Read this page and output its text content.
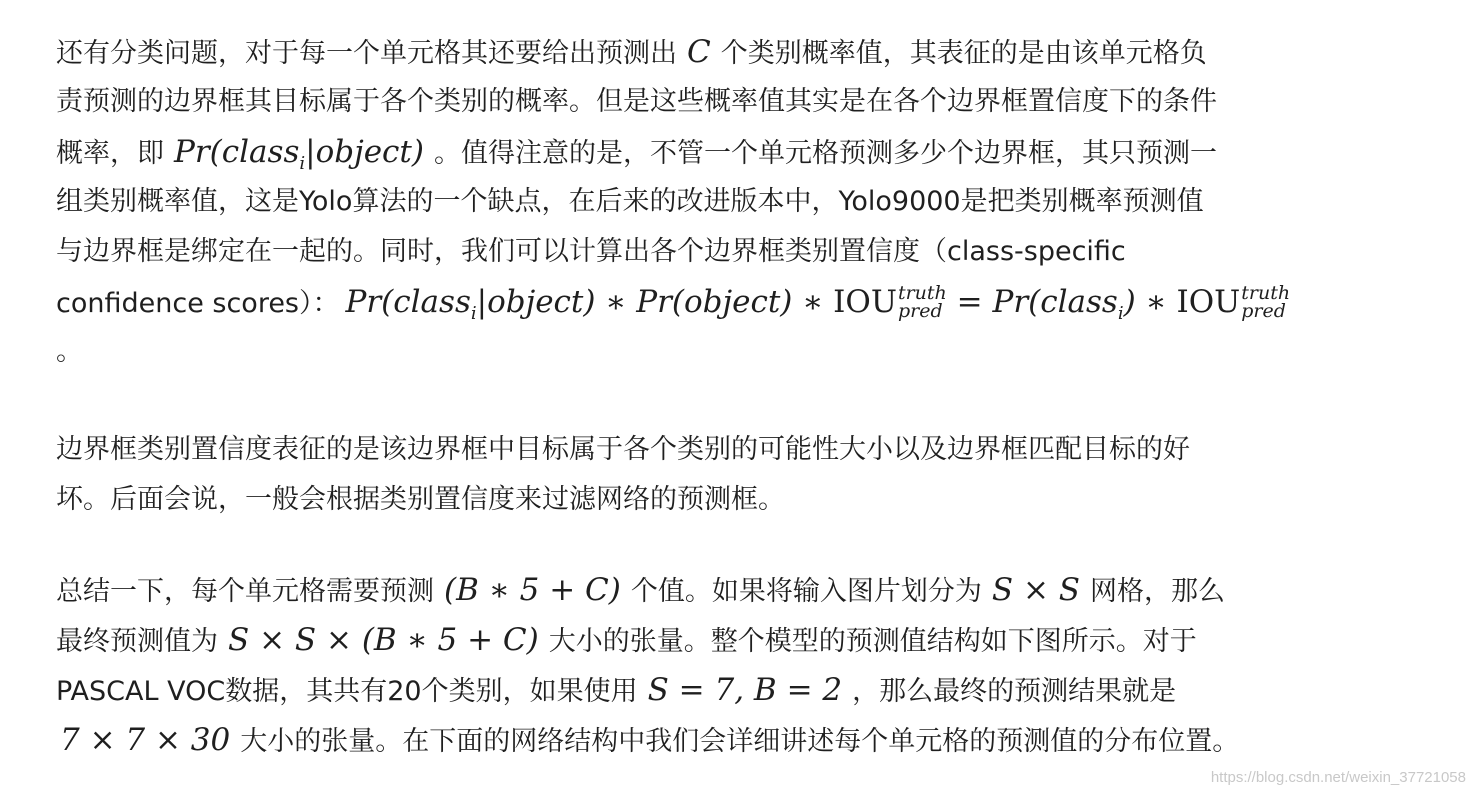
还有分类问题，对于每一个单元格其还要给出预测出 C 个类别概率值，其表征的是由该单元格负
责预测的边界框其目标属于各个类别的概率。但是这些概率值其实是在各个边界框置信度下的条件
概率，即 Pr(class$_i$|object) 。值得注意的是，不管一个单元格预测多少个边界框，其只预测一
组类别概率值，这是Yolo算法的一个缺点，在后来的改进版本中，Yolo9000是把类别概率预测值
与边界框是绑定在一起的。同时，我们可以计算出各个边界框类别置信度（class-specific
confidence scores）： Pr(class$_i$|object) ∗ Pr(object) ∗ IOU truth
pred = Pr(class$_i$) ∗ IOU truth
pred
。

边界框类别置信度表征的是该边界框中目标属于各个类别的可能性大小以及边界框匹配目标的好
坏。后面会说，一般会根据类别置信度来过滤网络的预测框。

总结一下，每个单元格需要预测 (B ∗ 5 + C) 个值。如果将输入图片划分为 S × S 网格，那么
最终预测值为 S × S × (B ∗ 5 + C) 大小的张量。整个模型的预测值结构如下图所示。对于
PASCAL VOC数据，其共有20个类别，如果使用 S = 7, B = 2 ，那么最终的预测结果就是
7 × 7 × 30 大小的张量。在下面的网络结构中我们会详细讲述每个单元格的预测值的分布位置。

https://blog.csdn.net/weixin_37721058
